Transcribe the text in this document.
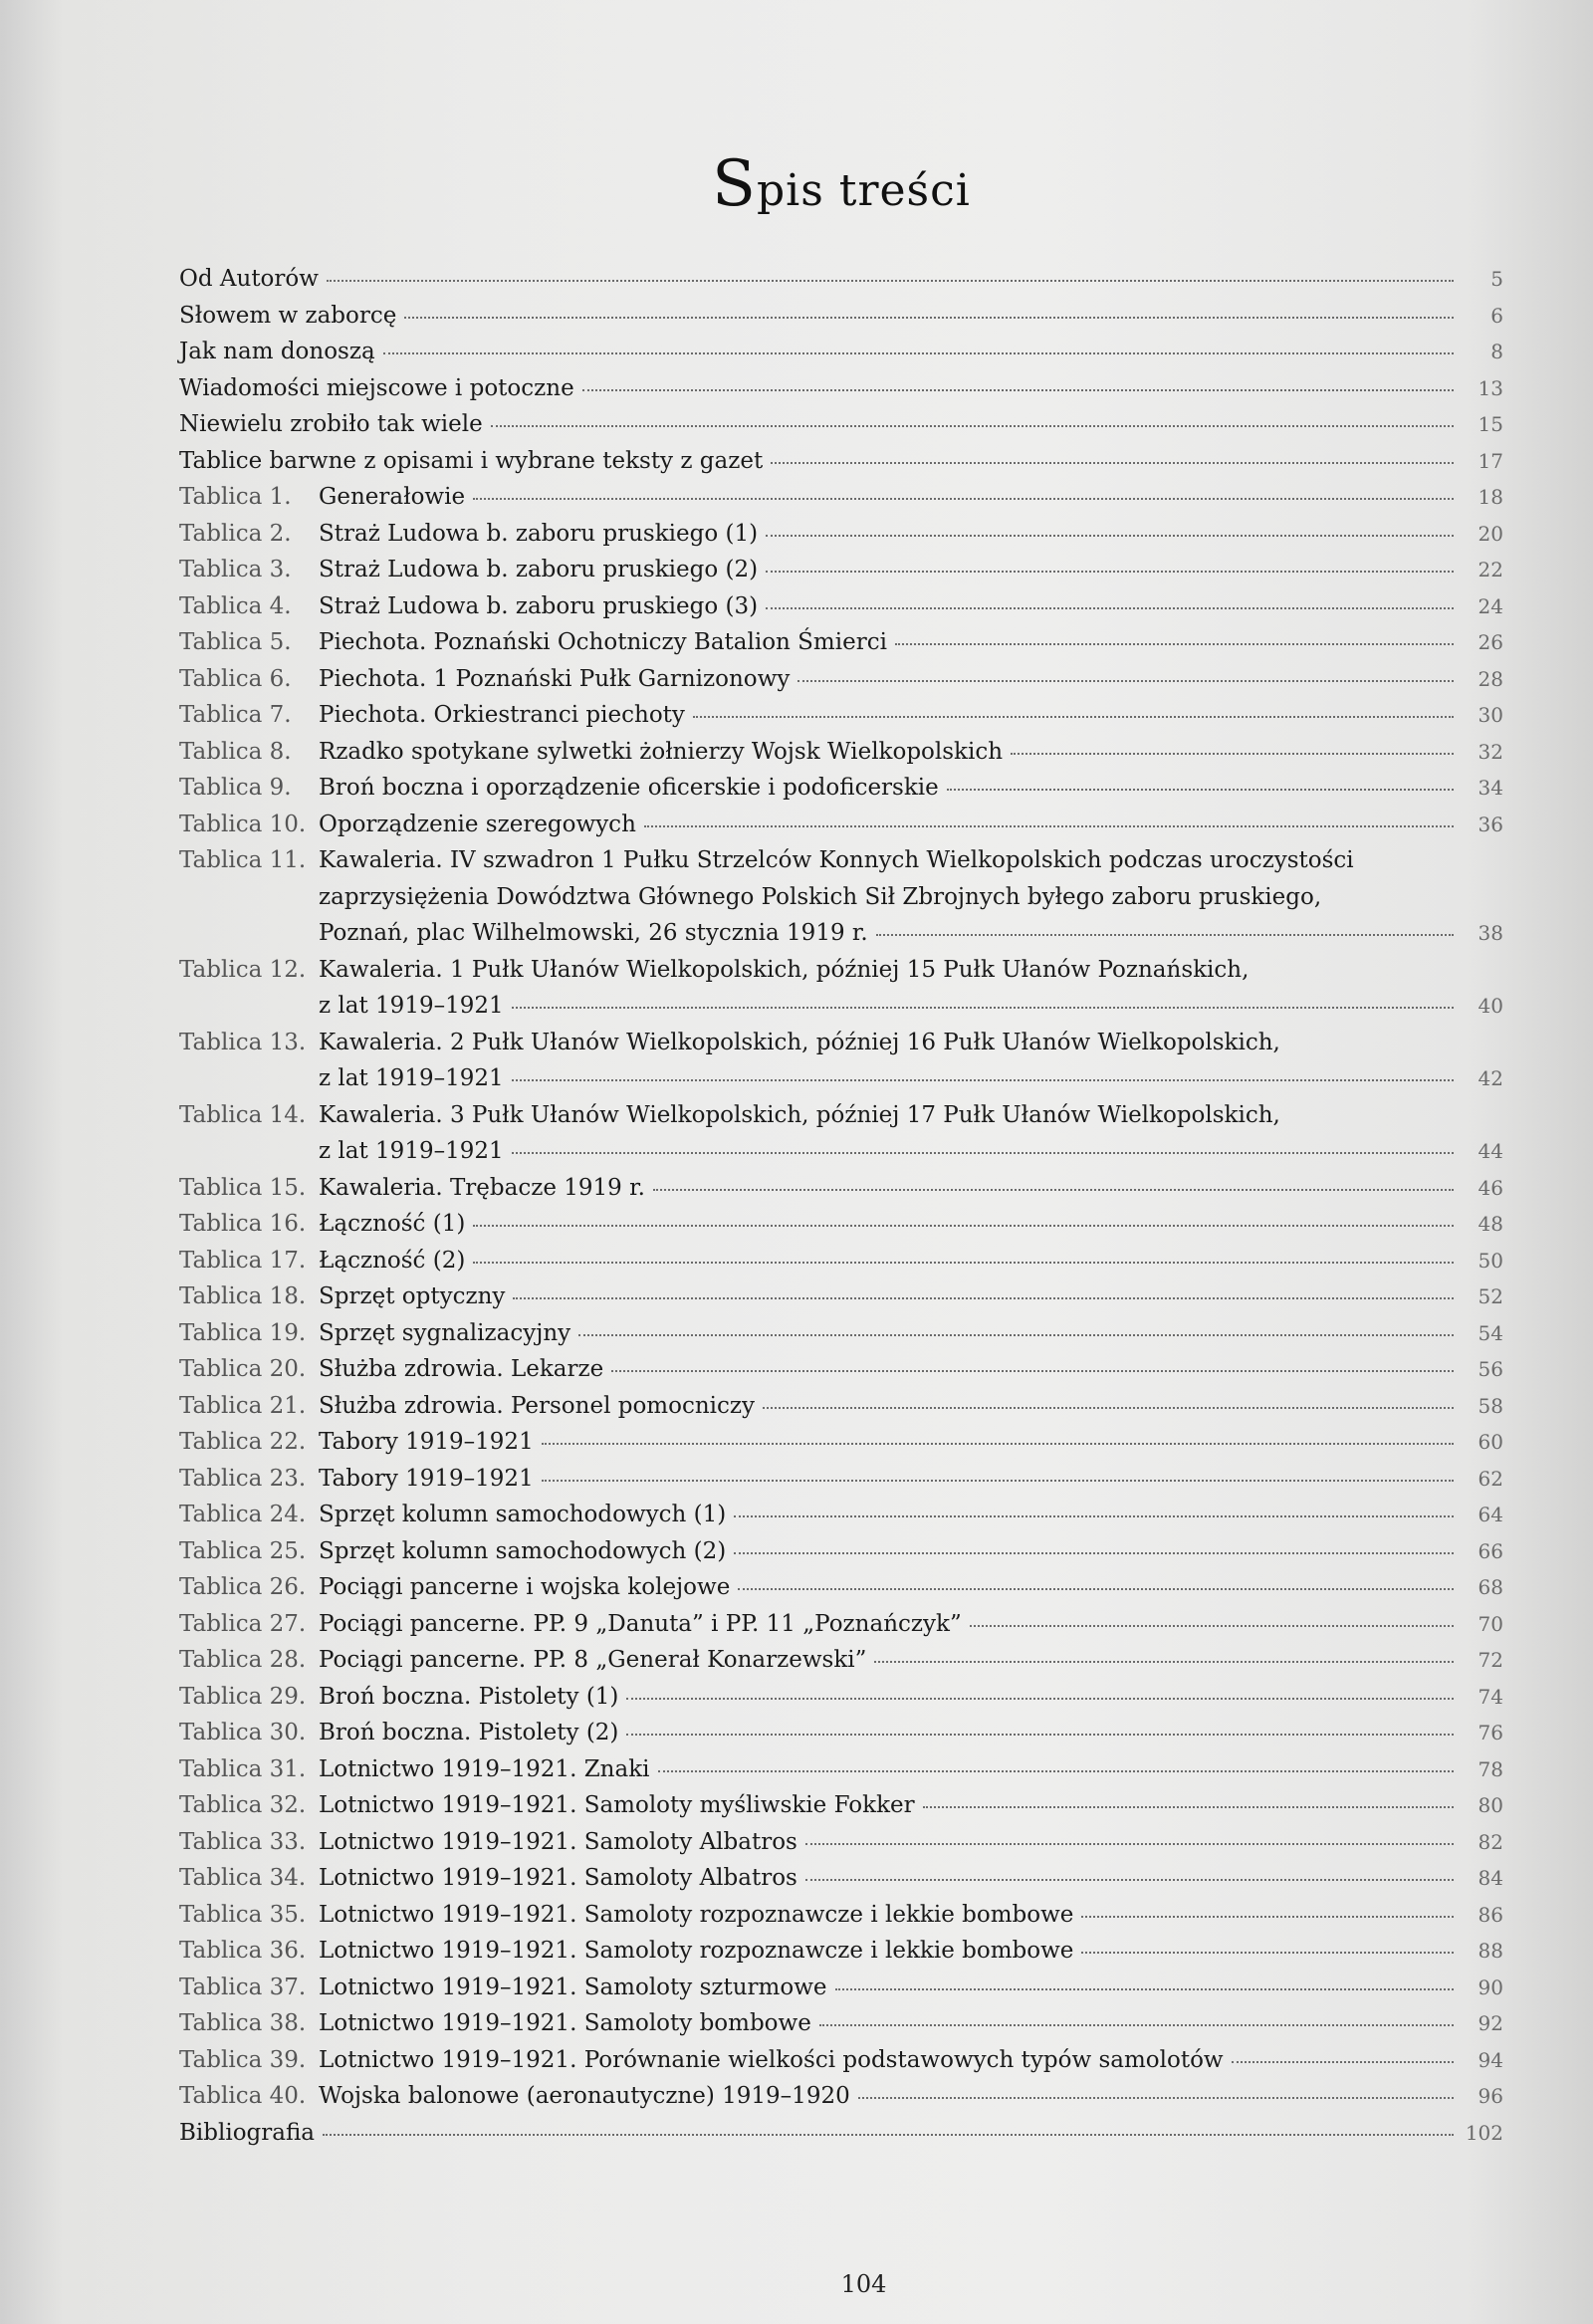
Spis treści
Od Autorów	5
Słowem w zaborcę	6
Jak nam donoszą	8
Wiadomości miejscowe i potoczne	13
Niewielu zrobiło tak wiele	15
Tablice barwne z opisami i wybrane teksty z gazet	17
Tablica 1. Generałowie	18
Tablica 2. Straż Ludowa b. zaboru pruskiego (1)	20
Tablica 3. Straż Ludowa b. zaboru pruskiego (2)	22
Tablica 4. Straż Ludowa b. zaboru pruskiego (3)	24
Tablica 5. Piechota. Poznański Ochotniczy Batalion Śmierci	26
Tablica 6. Piechota. 1 Poznański Pułk Garnizonowy	28
Tablica 7. Piechota. Orkiestranci piechoty	30
Tablica 8. Rzadko spotykane sylwetki żołnierzy Wojsk Wielkopolskich	32
Tablica 9. Broń boczna i oporządzenie oficerskie i podoficerskie	34
Tablica 10. Oporządzenie szeregowych	36
Tablica 11. Kawaleria. IV szwadron 1 Pułku Strzelców Konnych Wielkopolskich podczas uroczystości
zaprzysiężenia Dowództwa Głównego Polskich Sił Zbrojnych byłego zaboru pruskiego,
Poznań, plac Wilhelmowski, 26 stycznia 1919 r.	38
Tablica 12. Kawaleria. 1 Pułk Ułanów Wielkopolskich, później 15 Pułk Ułanów Poznańskich,
z lat 1919–1921	40
Tablica 13. Kawaleria. 2 Pułk Ułanów Wielkopolskich, później 16 Pułk Ułanów Wielkopolskich,
z lat 1919–1921	42
Tablica 14. Kawaleria. 3 Pułk Ułanów Wielkopolskich, później 17 Pułk Ułanów Wielkopolskich,
z lat 1919–1921	44
Tablica 15. Kawaleria. Trębacze 1919 r.	46
Tablica 16. Łączność (1)	48
Tablica 17. Łączność (2)	50
Tablica 18. Sprzęt optyczny	52
Tablica 19. Sprzęt sygnalizacyjny	54
Tablica 20. Służba zdrowia. Lekarze	56
Tablica 21. Służba zdrowia. Personel pomocniczy	58
Tablica 22. Tabory 1919–1921	60
Tablica 23. Tabory 1919–1921	62
Tablica 24. Sprzęt kolumn samochodowych (1)	64
Tablica 25. Sprzęt kolumn samochodowych (2)	66
Tablica 26. Pociągi pancerne i wojska kolejowe	68
Tablica 27. Pociągi pancerne. PP. 9 „Danuta” i PP. 11 „Poznańczyk”	70
Tablica 28. Pociągi pancerne. PP. 8 „Generał Konarzewski”	72
Tablica 29. Broń boczna. Pistolety (1)	74
Tablica 30. Broń boczna. Pistolety (2)	76
Tablica 31. Lotnictwo 1919–1921. Znaki	78
Tablica 32. Lotnictwo 1919–1921. Samoloty myśliwskie Fokker	80
Tablica 33. Lotnictwo 1919–1921. Samoloty Albatros	82
Tablica 34. Lotnictwo 1919–1921. Samoloty Albatros	84
Tablica 35. Lotnictwo 1919–1921. Samoloty rozpoznawcze i lekkie bombowe	86
Tablica 36. Lotnictwo 1919–1921. Samoloty rozpoznawcze i lekkie bombowe	88
Tablica 37. Lotnictwo 1919–1921. Samoloty szturmowe	90
Tablica 38. Lotnictwo 1919–1921. Samoloty bombowe	92
Tablica 39. Lotnictwo 1919–1921. Porównanie wielkości podstawowych typów samolotów	94
Tablica 40. Wojska balonowe (aeronautyczne) 1919–1920	96
Bibliografia	102
104
